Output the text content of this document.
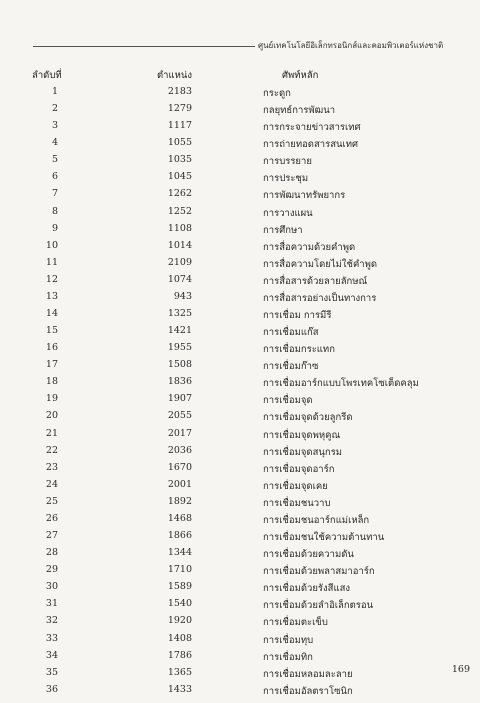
ศูนย์เทคโนโลยีอิเล็กทรอนิกส์และคอมพิวเตอร์แห่งชาติ
ลำดับที่	ตำแหน่ง	ศัพท์หลัก
1	2183	กระดูก
2	1279	กลยุทธ์การพัฒนา
3	1117	การกระจายข่าวสารเทศ
4	1055	การถ่ายทอดสารสนเทศ
5	1035	การบรรยาย
6	1045	การประชุม
7	1262	การพัฒนาทรัพยากร
8	1252	การวางแผน
9	1108	การศึกษา
10	1014	การสื่อความด้วยคำพูด
11	2109	การสื่อความโดยไม่ใช้คำพูด
12	1074	การสื่อสารด้วยลายลักษณ์
13	943	การสื่อสารอย่างเป็นทางการ
14	1325	การเชื่อม การมีรี
15	1421	การเชื่อมแก๊ส
16	1955	การเชื่อมกระแทก
17	1508	การเชื่อมก๊าซ
18	1836	การเชื่อมอาร์กแบบโพรเทคโซเต็ดคลุม
19	1907	การเชื่อมจุด
20	2055	การเชื่อมจุดด้วยลูกรีด
21	2017	การเชื่อมจุดพหุคูณ
22	2036	การเชื่อมจุดสนุกรม
23	1670	การเชื่อมจุดอาร์ก
24	2001	การเชื่อมจุดเคย
25	1892	การเชื่อมชนวาบ
26	1468	การเชื่อมชนอาร์กแม่เหล็ก
27	1866	การเชื่อมชนใช้ความต้านทาน
28	1344	การเชื่อมด้วยความดัน
29	1710	การเชื่อมด้วยพลาสมาอาร์ก
30	1589	การเชื่อมด้วยรังสีแสง
31	1540	การเชื่อมด้วยลำอิเล็กตรอน
32	1920	การเชื่อมตะเข็บ
33	1408	การเชื่อมทุบ
34	1786	การเชื่อมทิก
35	1365	การเชื่อมหลอมละลาย
36	1433	การเชื่อมอัลตราโซนิก
169
